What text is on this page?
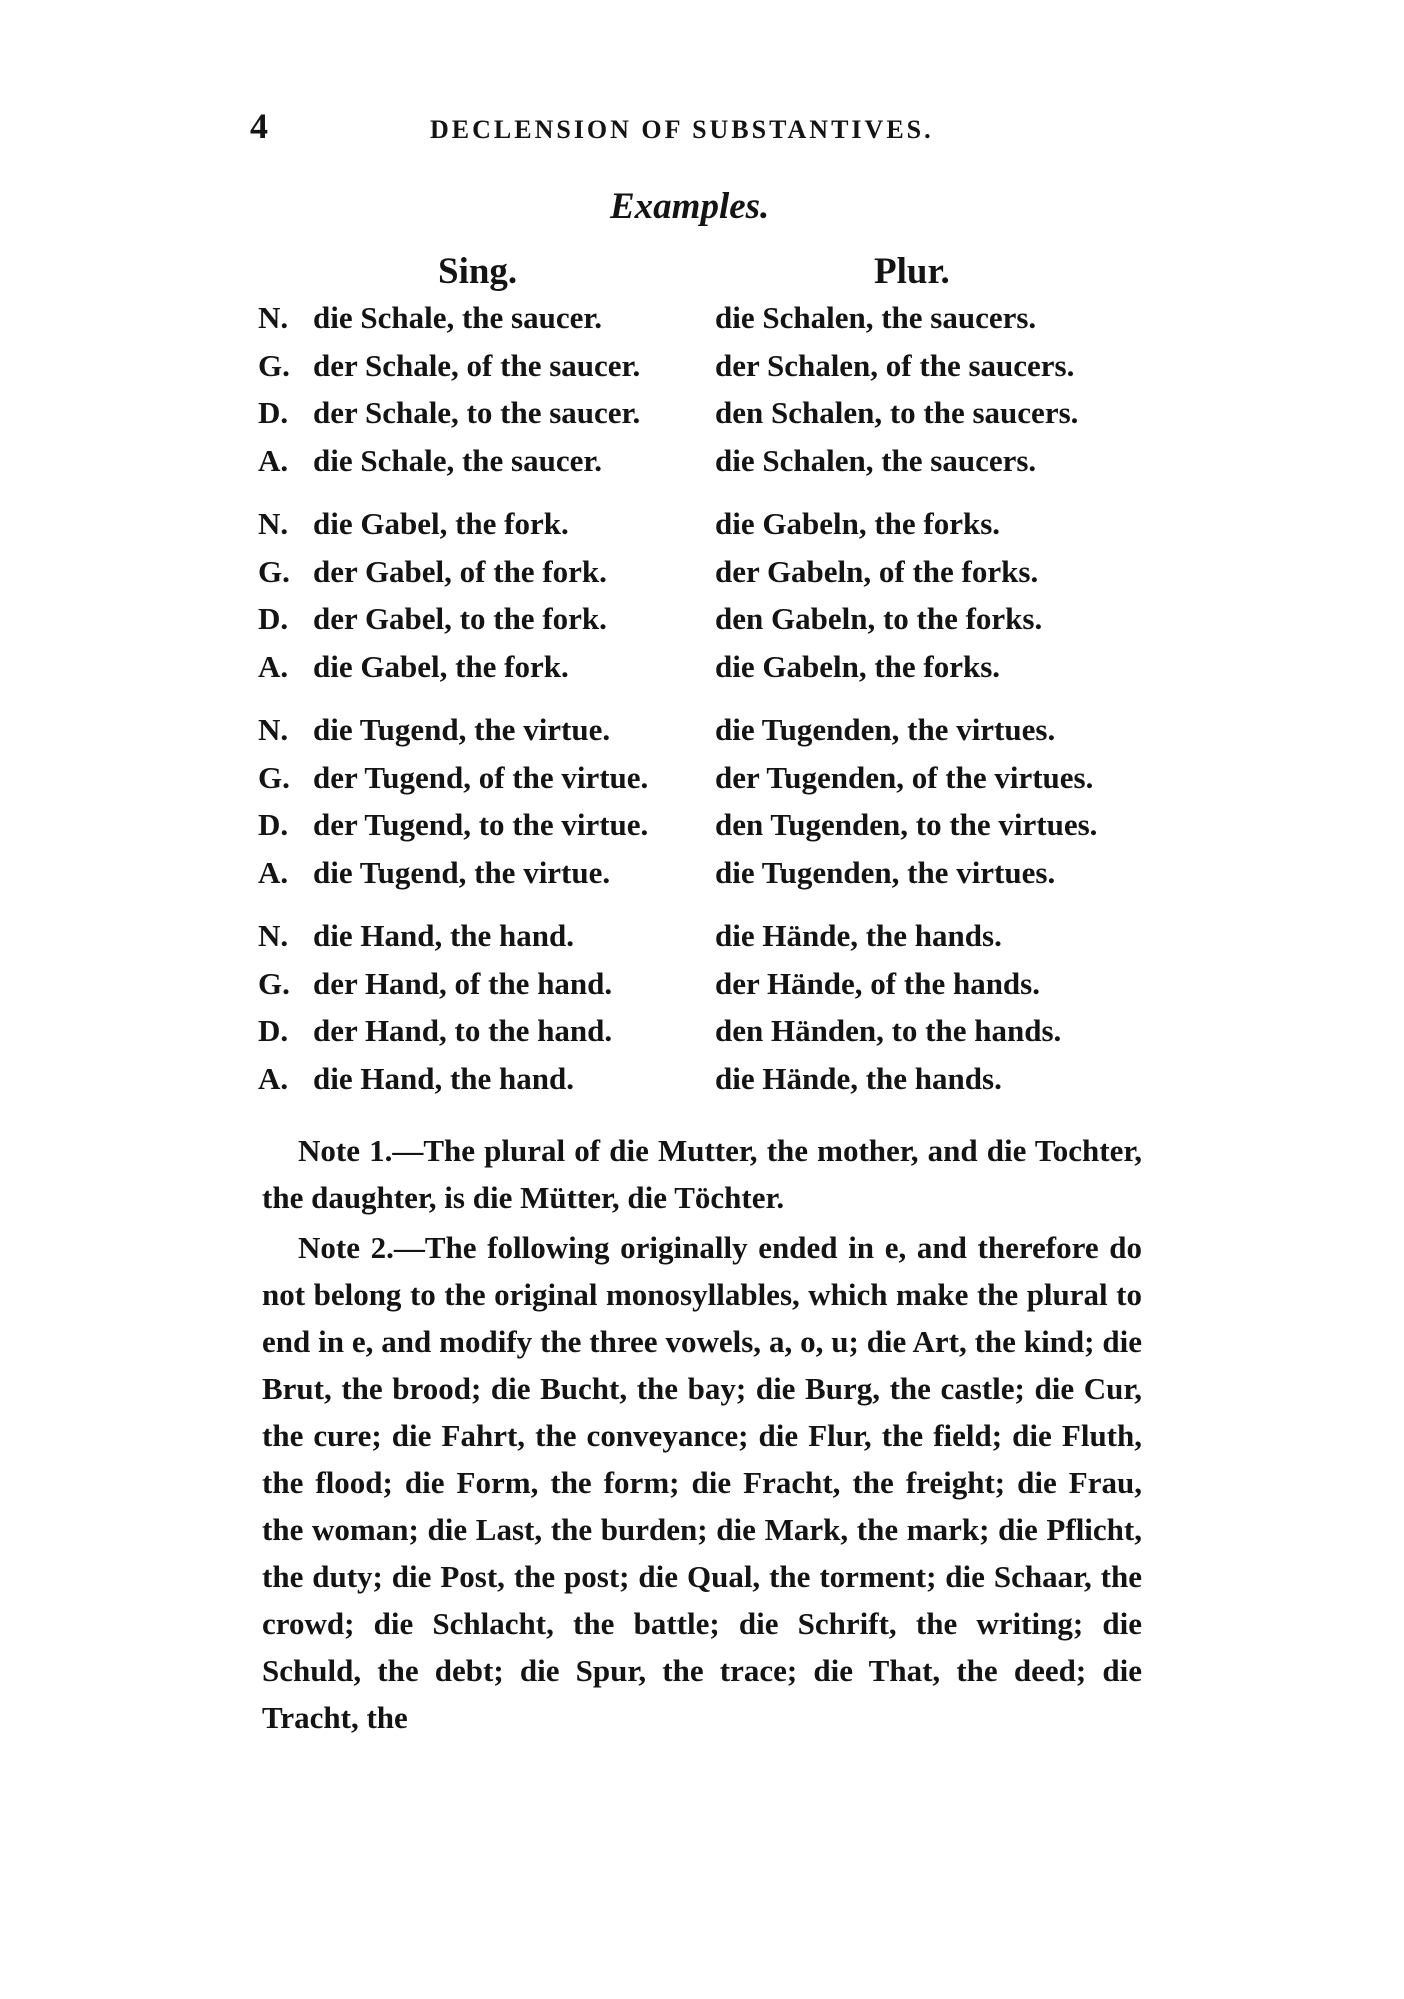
4	DECLENSION OF SUBSTANTIVES.
Examples.
Sing.	Plur.
N. die Schale, the saucer.	die Schalen, the saucers.
G. der Schale, of the saucer. der Schalen, of the saucers.
D. der Schale, to the saucer. den Schalen, to the saucers.
A. die Schale, the saucer.	die Schalen, the saucers.
N. die Gabel, the fork.	die Gabeln, the forks.
G. der Gabel, of the fork.	der Gabeln, of the forks.
D. der Gabel, to the fork.	den Gabeln, to the forks.
A. die Gabel, the fork.	die Gabeln, the forks.
N. die Tugend, the virtue.	die Tugenden, the virtues.
G. der Tugend, of the virtue. der Tugenden, of the virtues.
D. der Tugend, to the virtue. den Tugenden, to the virtues.
A. die Tugend, the virtue.	die Tugenden, the virtues.
N. die Hand, the hand.	die Hände, the hands.
G. der Hand, of the hand.	der Hände, of the hands.
D. der Hand, to the hand.	den Händen, to the hands.
A. die Hand, the hand.	die Hände, the hands.

Note 1.—The plural of die Mutter, the mother, and die Tochter, the daughter, is die Mütter, die Töchter.

Note 2.—The following originally ended in e, and therefore do not belong to the original monosyllables, which make the plural to end in e, and modify the three vowels, a, o, u; die Art, the kind; die Brut, the brood; die Bucht, the bay; die Burg, the castle; die Cur, the cure; die Fahrt, the conveyance; die Flur, the field; die Fluth, the flood; die Form, the form; die Fracht, the freight; die Frau, the woman; die Last, the burden; die Mark, the mark; die Pflicht, the duty; die Post, the post; die Qual, the torment; die Schaar, the crowd; die Schlacht, the battle; die Schrift, the writing; die Schuld, the debt; die Spur, the trace; die That, the deed; die Tracht, the
